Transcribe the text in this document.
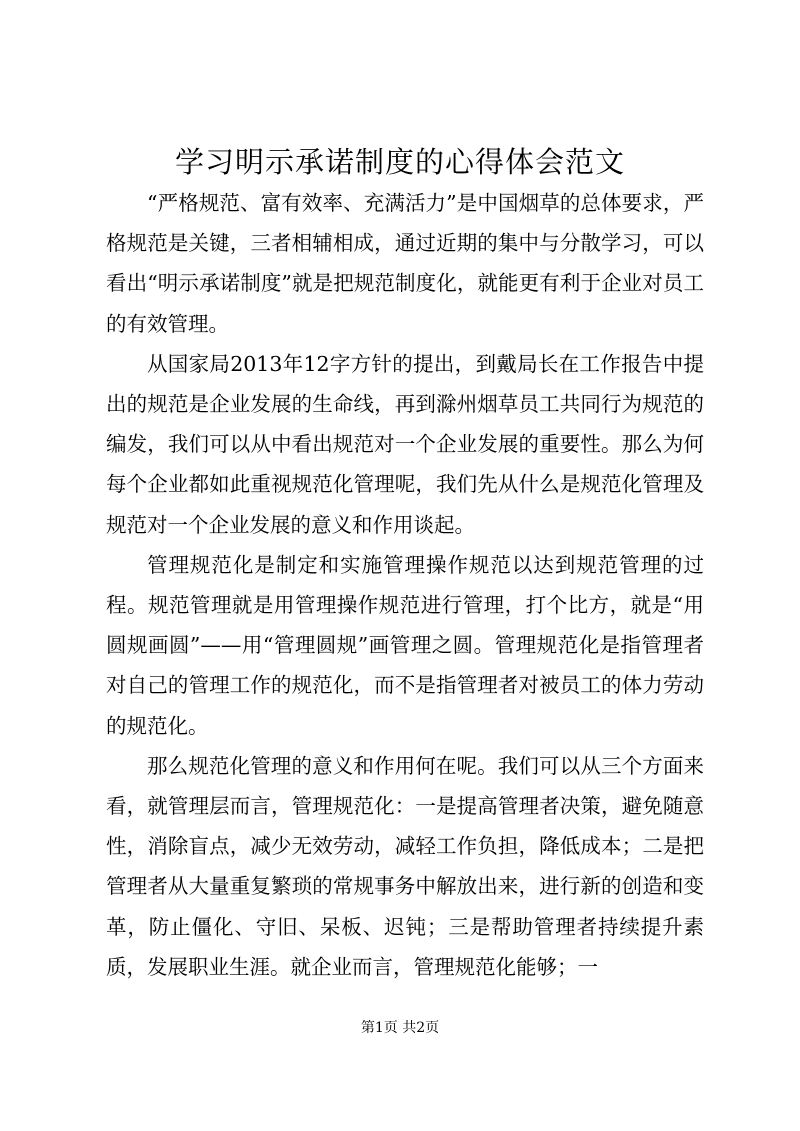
学习明示承诺制度的心得体会范文

“严格规范、富有效率、充满活力”是中国烟草的总体要求，严格规范是关键，三者相辅相成，通过近期的集中与分散学习，可以看出“明示承诺制度”就是把规范制度化，就能更有利于企业对员工的有效管理。

从国家局2013年12字方针的提出，到戴局长在工作报告中提出的规范是企业发展的生命线，再到滁州烟草员工共同行为规范的编发，我们可以从中看出规范对一个企业发展的重要性。那么为何每个企业都如此重视规范化管理呢，我们先从什么是规范化管理及规范对一个企业发展的意义和作用谈起。

管理规范化是制定和实施管理操作规范以达到规范管理的过程。规范管理就是用管理操作规范进行管理，打个比方，就是“用圆规画圆”——用“管理圆规”画管理之圆。管理规范化是指管理者对自己的管理工作的规范化，而不是指管理者对被员工的体力劳动的规范化。

那么规范化管理的意义和作用何在呢。我们可以从三个方面来看，就管理层而言，管理规范化：一是提高管理者决策，避免随意性，消除盲点，减少无效劳动，减轻工作负担，降低成本；二是把管理者从大量重复繁琐的常规事务中解放出来，进行新的创造和变革，防止僵化、守旧、呆板、迟钝；三是帮助管理者持续提升素质，发展职业生涯。就企业而言，管理规范化能够；一

第1页 共2页
